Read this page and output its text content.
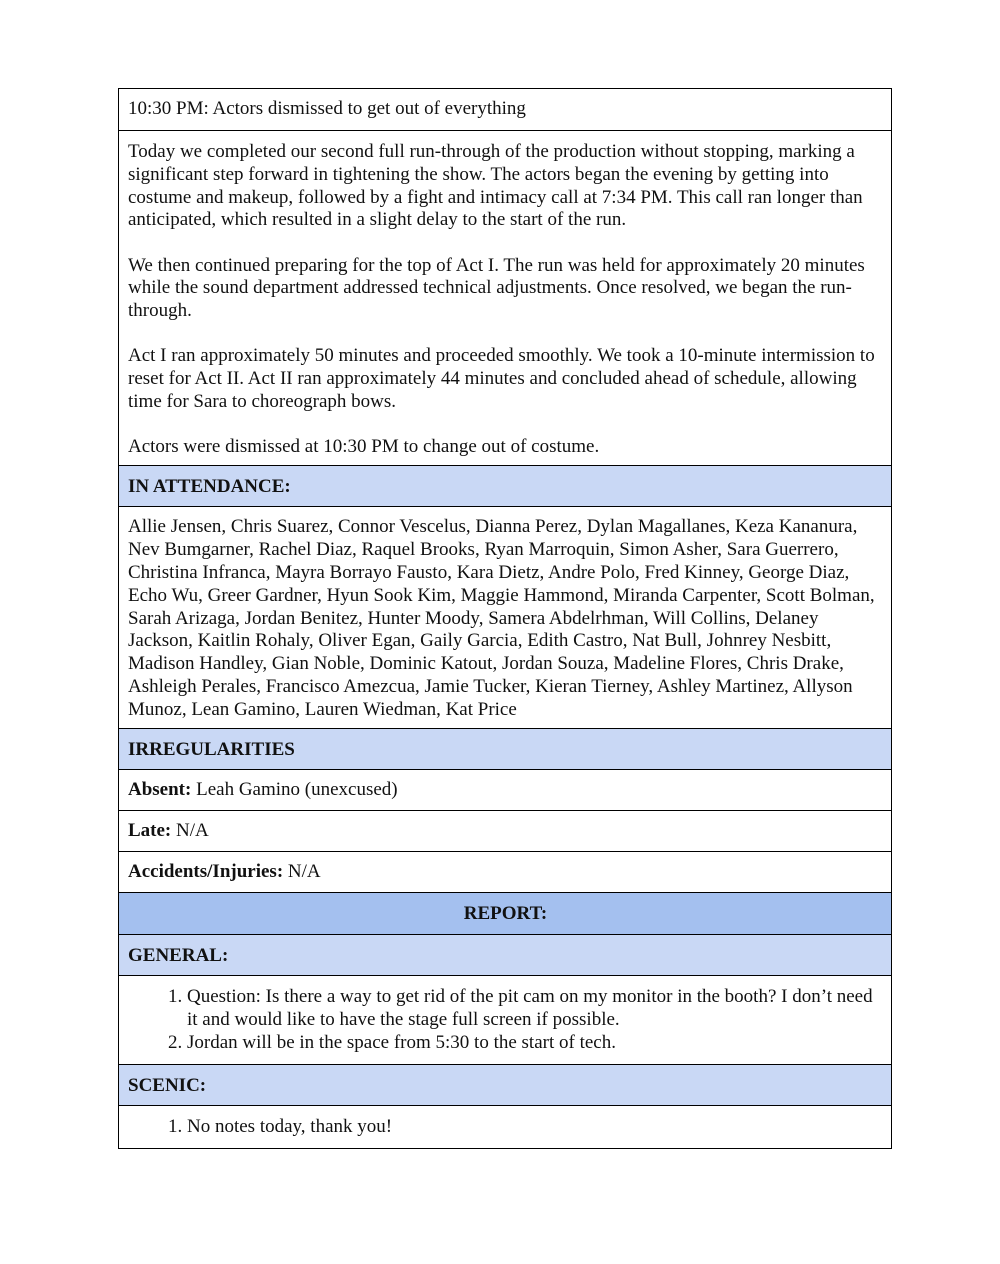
10:30 PM: Actors dismissed to get out of everything

Today we completed our second full run-through of the production without stopping, marking a significant step forward in tightening the show. The actors began the evening by getting into costume and makeup, followed by a fight and intimacy call at 7:34 PM. This call ran longer than anticipated, which resulted in a slight delay to the start of the run.

We then continued preparing for the top of Act I. The run was held for approximately 20 minutes while the sound department addressed technical adjustments. Once resolved, we began the run-through.

Act I ran approximately 50 minutes and proceeded smoothly. We took a 10-minute intermission to reset for Act II. Act II ran approximately 44 minutes and concluded ahead of schedule, allowing time for Sara to choreograph bows.

Actors were dismissed at 10:30 PM to change out of costume.

IN ATTENDANCE:
Allie Jensen, Chris Suarez, Connor Vescelus, Dianna Perez, Dylan Magallanes, Keza Kananura, Nev Bumgarner, Rachel Diaz, Raquel Brooks, Ryan Marroquin, Simon Asher, Sara Guerrero, Christina Infranca, Mayra Borrayo Fausto, Kara Dietz, Andre Polo, Fred Kinney, George Diaz, Echo Wu, Greer Gardner, Hyun Sook Kim, Maggie Hammond, Miranda Carpenter, Scott Bolman, Sarah Arizaga, Jordan Benitez, Hunter Moody, Samera Abdelrhman, Will Collins, Delaney Jackson, Kaitlin Rohaly, Oliver Egan, Gaily Garcia, Edith Castro, Nat Bull, Johnrey Nesbitt, Madison Handley, Gian Noble, Dominic Katout, Jordan Souza, Madeline Flores, Chris Drake, Ashleigh Perales, Francisco Amezcua, Jamie Tucker, Kieran Tierney, Ashley Martinez, Allyson Munoz, Lean Gamino, Lauren Wiedman, Kat Price
IRREGULARITIES
Absent: Leah Gamino (unexcused)
Late: N/A
Accidents/Injuries: N/A
REPORT:
GENERAL:
1. Question: Is there a way to get rid of the pit cam on my monitor in the booth? I don’t need it and would like to have the stage full screen if possible.
2. Jordan will be in the space from 5:30 to the start of tech.
SCENIC:
1. No notes today, thank you!
